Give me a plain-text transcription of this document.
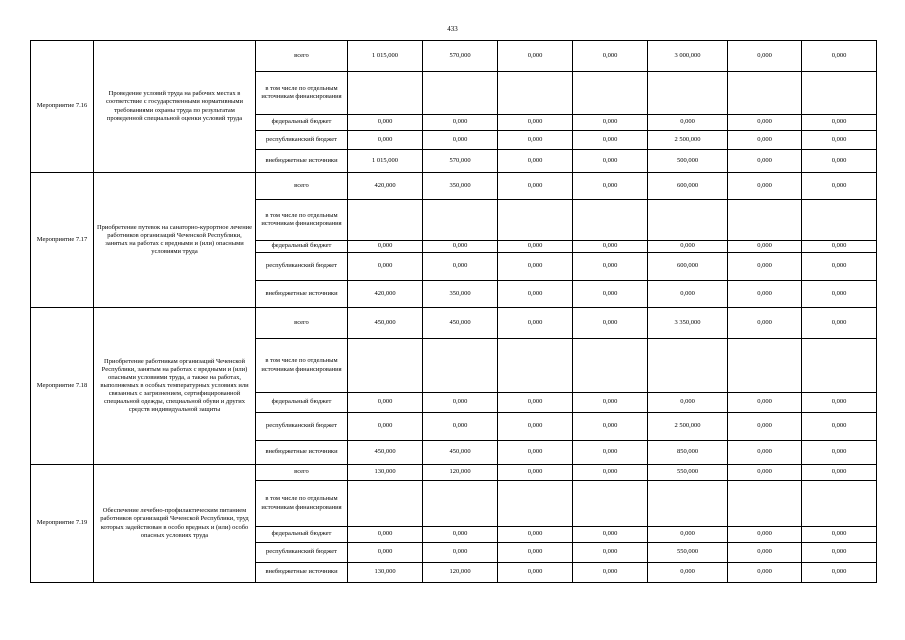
433
Мероприятие 7.16	Проведение условий труда на рабочих местах в соответствие с государственными нормативными требованиями охраны труда по результатам проведенной специальной оценки условий труда	всего	1 015,000	570,000	0,000	0,000	3 000,000	0,000	0,000
		в том числе по отдельным источникам финансирования							
		федеральный бюджет	0,000	0,000	0,000	0,000	0,000	0,000	0,000
		республиканский бюджет	0,000	0,000	0,000	0,000	2 500,000	0,000	0,000
		внебюджетные источники	1 015,000	570,000	0,000	0,000	500,000	0,000	0,000
Мероприятие 7.17	Приобретение путевок на санаторно-курортное лечение работников организаций Чеченской Республики, занятых на работах с вредными и (или) опасными условиями труда	всего	420,000	350,000	0,000	0,000	600,000	0,000	0,000
		в том числе по отдельным источникам финансирования							
		федеральный бюджет	0,000	0,000	0,000	0,000	0,000	0,000	0,000
		республиканский бюджет	0,000	0,000	0,000	0,000	600,000	0,000	0,000
		внебюджетные источники	420,000	350,000	0,000	0,000	0,000	0,000	0,000
Мероприятие 7.18	Приобретение работникам организаций Чеченской Республики, занятым на работах с вредными и (или) опасными условиями труда, а также на работах, выполняемых в особых температурных условиях или связанных с загрязнением, сертифицированной специальной одежды, специальной обуви и других средств индивидуальной защиты	всего	450,000	450,000	0,000	0,000	3 350,000	0,000	0,000
		в том числе по отдельным источникам финансирования							
		федеральный бюджет	0,000	0,000	0,000	0,000	0,000	0,000	0,000
		республиканский бюджет	0,000	0,000	0,000	0,000	2 500,000	0,000	0,000
		внебюджетные источники	450,000	450,000	0,000	0,000	850,000	0,000	0,000
Мероприятие 7.19	Обеспечение лечебно-профилактическим питанием работников организаций Чеченской Республики, труд которых задействован в особо вредных и (или) особо опасных условиях труда	всего	130,000	120,000	0,000	0,000	550,000	0,000	0,000
		в том числе по отдельным источникам финансирования							
		федеральный бюджет	0,000	0,000	0,000	0,000	0,000	0,000	0,000
		республиканский бюджет	0,000	0,000	0,000	0,000	550,000	0,000	0,000
		внебюджетные источники	130,000	120,000	0,000	0,000	0,000	0,000	0,000
